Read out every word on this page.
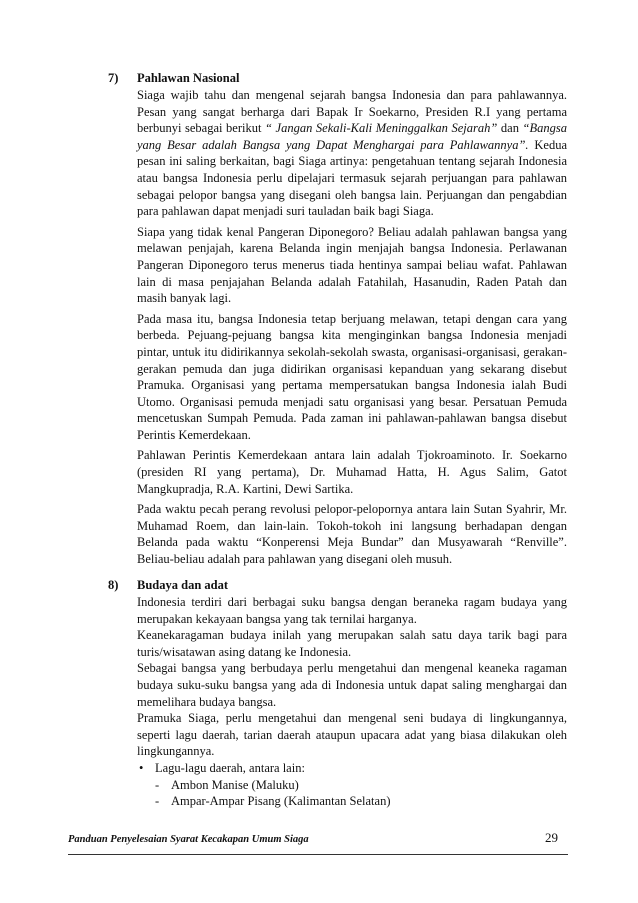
7) Pahlawan Nasional

Siaga wajib tahu dan mengenal sejarah bangsa Indonesia dan para pahlawannya. Pesan yang sangat berharga dari Bapak Ir Soekarno, Presiden R.I yang pertama berbunyi sebagai berikut “ Jangan Sekali-Kali Meninggalkan Sejarah” dan “Bangsa yang Besar adalah Bangsa yang Dapat Menghargai para Pahlawannya”. Kedua pesan ini saling berkaitan, bagi Siaga artinya: pengetahuan tentang sejarah Indonesia atau bangsa Indonesia perlu dipelajari termasuk sejarah perjuangan para pahlawan sebagai pelopor bangsa yang disegani oleh bangsa lain. Perjuangan dan pengabdian para pahlawan dapat menjadi suri tauladan baik bagi Siaga.

Siapa yang tidak kenal Pangeran Diponegoro? Beliau adalah pahlawan bangsa yang melawan penjajah, karena Belanda ingin menjajah bangsa Indonesia. Perlawanan Pangeran Diponegoro terus menerus tiada hentinya sampai beliau wafat. Pahlawan lain di masa penjajahan Belanda adalah Fatahilah, Hasanudin, Raden Patah dan masih banyak lagi.

Pada masa itu, bangsa Indonesia tetap berjuang melawan, tetapi dengan cara yang berbeda. Pejuang-pejuang bangsa kita menginginkan bangsa Indonesia menjadi pintar, untuk itu didirikannya sekolah-sekolah swasta, organisasi-organisasi, gerakan-gerakan pemuda dan juga didirikan organisasi kepanduan yang sekarang disebut Pramuka. Organisasi yang pertama mempersatukan bangsa Indonesia ialah Budi Utomo. Organisasi pemuda menjadi satu organisasi yang besar. Persatuan Pemuda mencetuskan Sumpah Pemuda. Pada zaman ini pahlawan-pahlawan bangsa disebut Perintis Kemerdekaan.

Pahlawan Perintis Kemerdekaan antara lain adalah Tjokroaminoto. Ir. Soekarno (presiden RI yang pertama), Dr. Muhamad Hatta, H. Agus Salim, Gatot Mangkupradja, R.A. Kartini, Dewi Sartika.

Pada waktu pecah perang revolusi pelopor-pelopornya antara lain Sutan Syahrir, Mr. Muhamad Roem, dan lain-lain. Tokoh-tokoh ini langsung berhadapan dengan Belanda pada waktu “Konperensi Meja Bundar” dan Musyawarah “Renville”. Beliau-beliau adalah para pahlawan yang disegani oleh musuh.

8) Budaya dan adat

Indonesia terdiri dari berbagai suku bangsa dengan beraneka ragam budaya yang merupakan kekayaan bangsa yang tak ternilai harganya.

Keanekaragaman budaya inilah yang merupakan salah satu daya tarik bagi para turis/wisatawan asing datang ke Indonesia.

Sebagai bangsa yang berbudaya perlu mengetahui dan mengenal keaneka ragaman budaya suku-suku bangsa yang ada di Indonesia untuk dapat saling menghargai dan memelihara budaya bangsa.

Pramuka Siaga, perlu mengetahui dan mengenal seni budaya di lingkungannya, seperti lagu daerah, tarian daerah ataupun upacara adat yang biasa dilakukan oleh lingkungannya.

• Lagu-lagu daerah, antara lain:
- Ambon Manise (Maluku)
- Ampar-Ampar Pisang (Kalimantan Selatan)
Panduan Penyelesaian Syarat Kecakapan Umum Siaga	29
